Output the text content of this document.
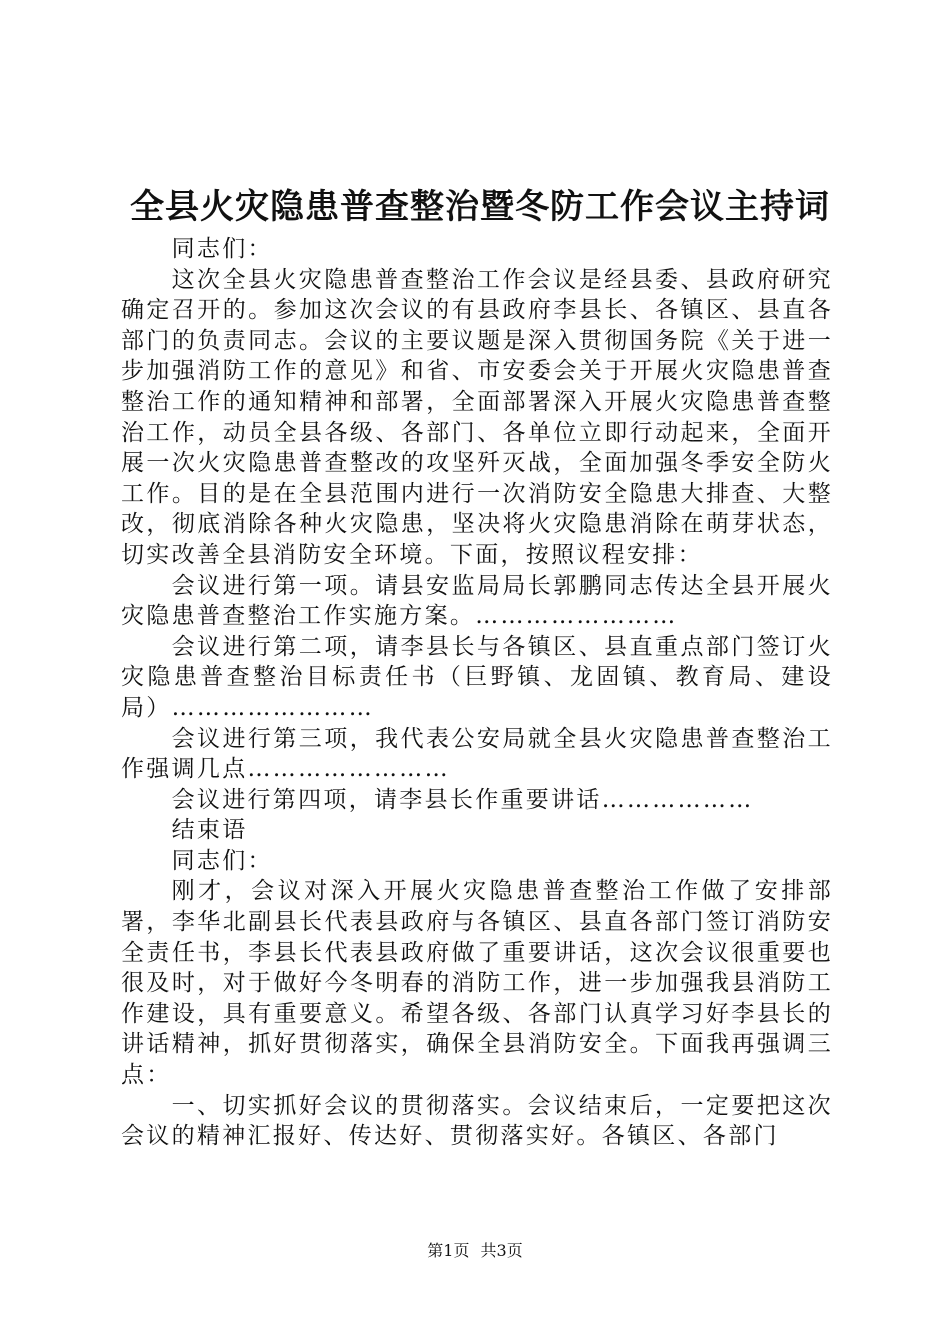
全县火灾隐患普查整治暨冬防工作会议主持词

同志们：

这次全县火灾隐患普查整治工作会议是经县委、县政府研究确定召开的。参加这次会议的有县政府李县长、各镇区、县直各部门的负责同志。会议的主要议题是深入贯彻国务院《关于进一步加强消防工作的意见》和省、市安委会关于开展火灾隐患普查整治工作的通知精神和部署，全面部署深入开展火灾隐患普查整治工作，动员全县各级、各部门、各单位立即行动起来，全面开展一次火灾隐患普查整改的攻坚歼灭战，全面加强冬季安全防火工作。目的是在全县范围内进行一次消防安全隐患大排查、大整改，彻底消除各种火灾隐患，坚决将火灾隐患消除在萌芽状态，切实改善全县消防安全环境。下面，按照议程安排：

会议进行第一项。请县安监局局长郭鹏同志传达全县开展火灾隐患普查整治工作实施方案。……………………

会议进行第二项，请李县长与各镇区、县直重点部门签订火灾隐患普查整治目标责任书（巨野镇、龙固镇、教育局、建设局）……………………

会议进行第三项，我代表公安局就全县火灾隐患普查整治工作强调几点……………………

会议进行第四项，请李县长作重要讲话………………

结束语

同志们：

刚才，会议对深入开展火灾隐患普查整治工作做了安排部署，李华北副县长代表县政府与各镇区、县直各部门签订消防安全责任书，李县长代表县政府做了重要讲话，这次会议很重要也很及时，对于做好今冬明春的消防工作，进一步加强我县消防工作建设，具有重要意义。希望各级、各部门认真学习好李县长的讲话精神，抓好贯彻落实，确保全县消防安全。下面我再强调三点：

一、切实抓好会议的贯彻落实。会议结束后，一定要把这次会议的精神汇报好、传达好、贯彻落实好。各镇区、各部门

第1页 共3页
